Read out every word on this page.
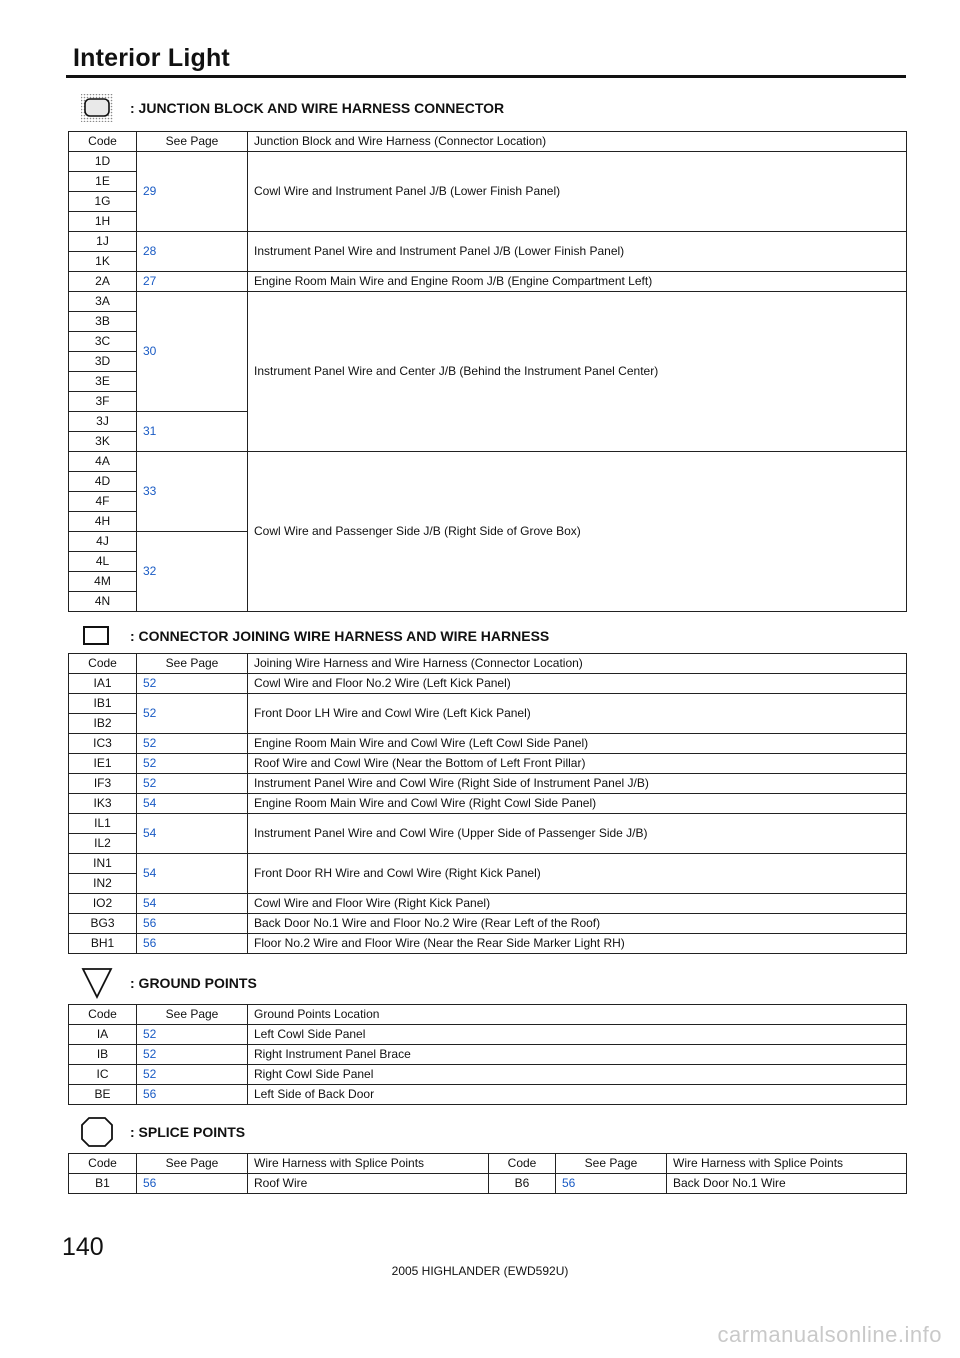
Interior Light
: JUNCTION BLOCK AND WIRE HARNESS CONNECTOR
Code	See Page	Junction Block and Wire Harness (Connector Location)
1D	29	Cowl Wire and Instrument Panel J/B (Lower Finish Panel)
1E		
1G		
1H		
1J	28	Instrument Panel Wire and Instrument Panel J/B (Lower Finish Panel)
1K		
2A	27	Engine Room Main Wire and Engine Room J/B (Engine Compartment Left)
3A	30	Instrument Panel Wire and Center J/B (Behind the Instrument Panel Center)
3B		
3C		
3D		
3E		
3F		
3J	31	
3K		
4A	33	Cowl Wire and Passenger Side J/B (Right Side of Grove Box)
4D		
4F		
4H		
4J	32	
4L		
4M		
4N		
: CONNECTOR JOINING WIRE HARNESS AND WIRE HARNESS
Code	See Page	Joining Wire Harness and Wire Harness (Connector Location)
IA1	52	Cowl Wire and Floor No.2 Wire (Left Kick Panel)
IB1	52	Front Door LH Wire and Cowl Wire (Left Kick Panel)
IB2		
IC3	52	Engine Room Main Wire and Cowl Wire (Left Cowl Side Panel)
IE1	52	Roof Wire and Cowl Wire (Near the Bottom of Left Front Pillar)
IF3	52	Instrument Panel Wire and Cowl Wire (Right Side of Instrument Panel J/B)
IK3	54	Engine Room Main Wire and Cowl Wire (Right Cowl Side Panel)
IL1	54	Instrument Panel Wire and Cowl Wire (Upper Side of Passenger Side J/B)
IL2		
IN1	54	Front Door RH Wire and Cowl Wire (Right Kick Panel)
IN2		
IO2	54	Cowl Wire and Floor Wire (Right Kick Panel)
BG3	56	Back Door No.1 Wire and Floor No.2 Wire (Rear Left of the Roof)
BH1	56	Floor No.2 Wire and Floor Wire (Near the Rear Side Marker Light RH)
: GROUND POINTS
Code	See Page	Ground Points Location
IA	52	Left Cowl Side Panel
IB	52	Right Instrument Panel Brace
IC	52	Right Cowl Side Panel
BE	56	Left Side of Back Door
: SPLICE POINTS
Code	See Page	Wire Harness with Splice Points	Code	See Page	Wire Harness with Splice Points
B1	56	Roof Wire	B6	56	Back Door No.1 Wire
140
2005 HIGHLANDER (EWD592U)
carmanualsonline.info
